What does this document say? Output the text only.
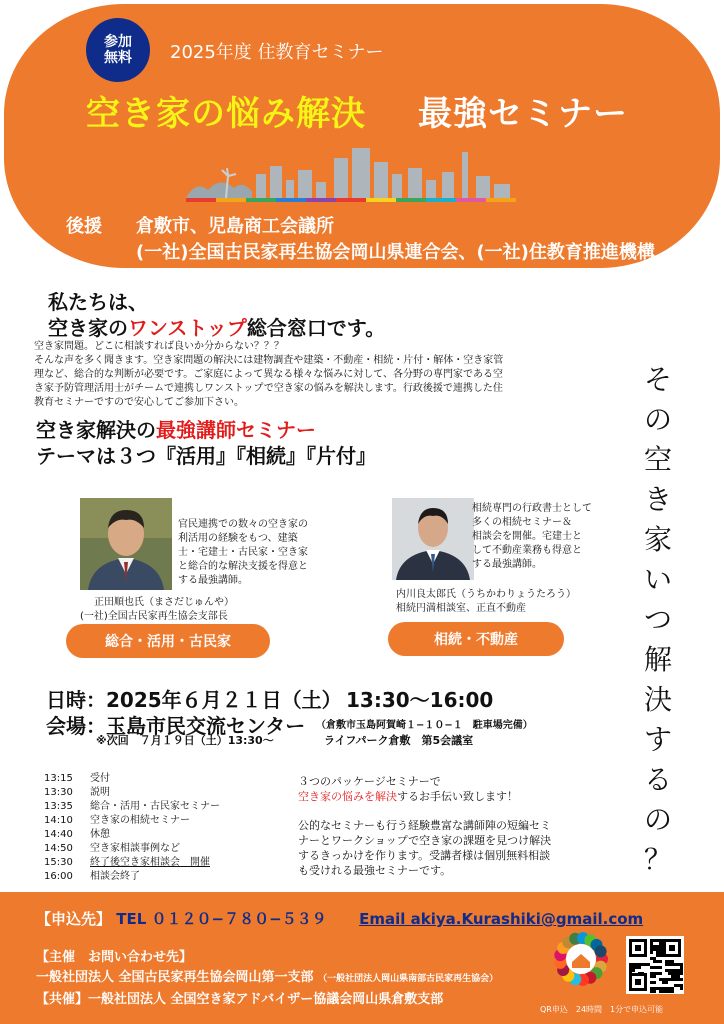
参加
無料 2025年度 住教育セミナー
空き家の悩み解決 最強セミナー
後援 倉敷市、児島商工会議所
(一社)全国古民家再生協会岡山県連合会、(一社)住教育推進機構
私たちは、
空き家のワンストップ総合窓口です。
空き家問題。どこに相談すれば良いか分からない？？？
そんな声を多く聞きます。空き家問題の解決には建物調査や建築・不動産・相続・片付・解体・空き家管
理など、総合的な判断が必要です。ご家庭によって異なる様々な悩みに対して、各分野の専門家である空
き家予防管理活用士がチームで連携しワンストップで空き家の悩みを解決します。行政後援で連携した住
教育セミナーですので安心してご参加下さい。
そ
の
空
き
家
い
つ
解
決
す
る
の
？
空き家解決の最強講師セミナー
テーマは３つ『活用』『相続』『片付』
官民連携での数々の空き家の
利活用の経験をもつ、建築
士・宅建士・古民家・空き家
と総合的な解決支援を得意と
する最強講師。
正田順也氏（まさだじゅんや）
(一社)全国古民家再生協会支部長
総合・活用・古民家
相続専門の行政書士として
多くの相続セミナー＆
相談会を開催。宅建士と
して不動産業務も得意と
する最強講師。
内川良太郎氏（うちかわりょうたろう）
相続円満相談室、正直不動産
相続・不動産
日時：2025年６月２１日（土） 13:30〜16:00
会場：玉島市民交流センター （倉敷市玉島阿賀崎１−１０−１　駐車場完備）
※次回　７月１９日（土）13:30〜	ライフパーク倉敷　第5会議室
13:15	受付
13:30	説明
13:35	総合・活用・古民家セミナー
14:10	空き家の相続セミナー
14:40	休憩
14:50	空き家相談事例など
15:30	終了後空き家相談会　開催
16:00	相談会終了
３つのパッケージセミナーで
空き家の悩みを解決するお手伝い致します！
公的なセミナーも行う経験豊富な講師陣の短編セミ
ナーとワークショップで空き家の課題を見つけ解決
するきっかけを作ります。受講者様は個別無料相談
も受けれる最強セミナーです。
【申込先】 TEL ０１２０−７８０−５３９ Email akiya.Kurashiki@gmail.com
【主催　お問い合わせ先】
一般社団法人 全国古民家再生協会岡山第一支部 （一般社団法人岡山県南部古民家再生協会）
【共催】一般社団法人 全国空き家アドバイザー協議会岡山県倉敷支部
QR申込　24時間　1分で申込可能
